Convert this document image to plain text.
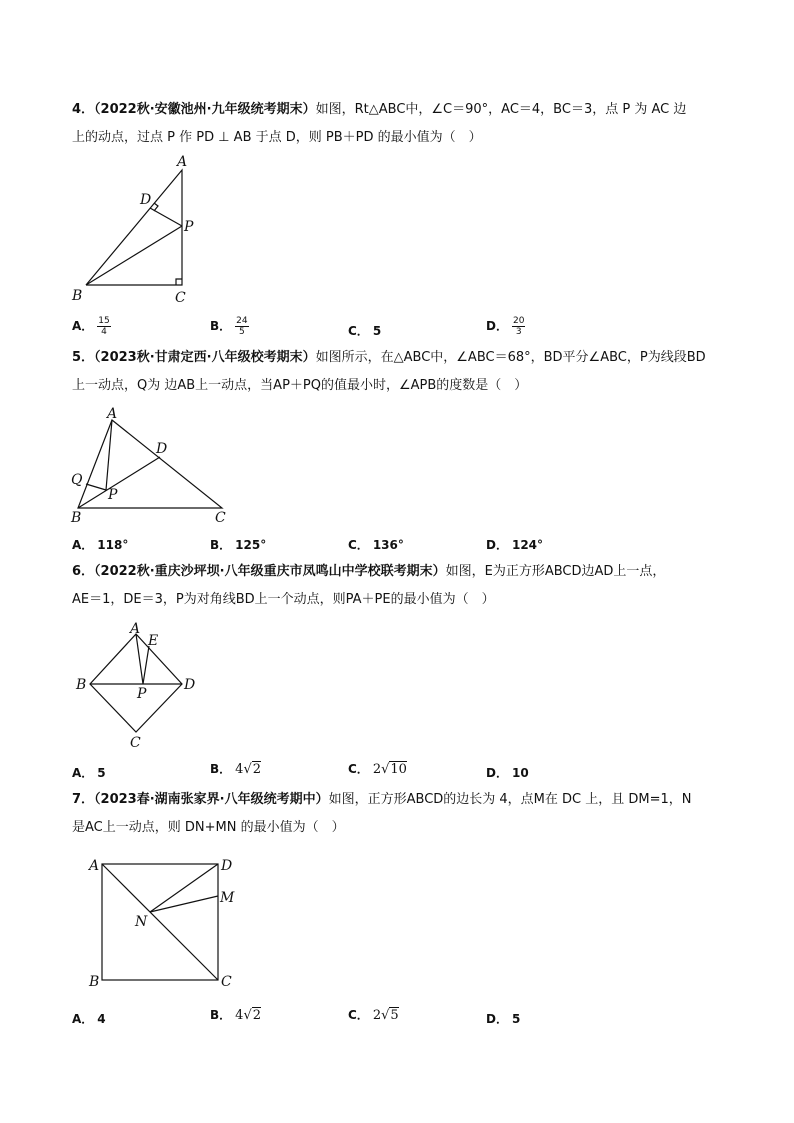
4．（2022秋·安徽池州·九年级统考期末）如图，Rt△ABC中，∠C＝90°，AC＝4，BC＝3，点 P 为 AC 边
上的动点，过点 P 作 PD ⊥ AB 于点 D，则 PB＋PD 的最小值为（　）
A
D
P
B	C
A． $\frac{15}{4}$	B． $\frac{24}{5}$	C． 5	D． $\frac{20}{3}$
5．（2023秋·甘肃定西·八年级校考期末）如图所示，在△ABC中，∠ABC＝68°，BD平分∠ABC，P为线段BD
上一动点，Q为 边AB上一动点，当AP＋PQ的值最小时，∠APB的度数是（　）
A
D
Q
P
B	C
A． 118°	B． 125°	C． 136°	D． 124°
6．（2022秋·重庆沙坪坝·八年级重庆市凤鸣山中学校联考期末）如图，E为正方形ABCD边AD上一点，
AE＝1，DE＝3，P为对角线BD上一个动点，则PA＋PE的最小值为（　）
A
E
B	D
P
C
A． 5	B． 4√2	C． 2√10	D． 10
7．（2023春·湖南张家界·八年级统考期中）如图，正方形ABCD的边长为 4，点M在 DC 上，且 DM=1，N
是AC上一动点，则 DN+MN 的最小值为（　）
A	D
M
N
B	C
A． 4	B． 4√2	C． 2√5	D． 5
